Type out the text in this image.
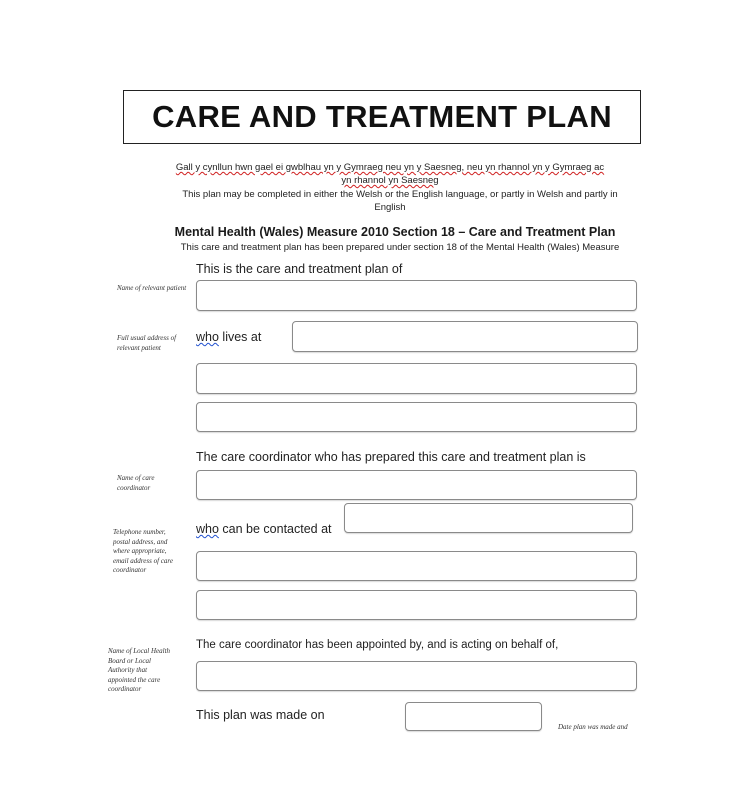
CARE AND TREATMENT PLAN
Gall y cynllun hwn gael ei gwblhau yn y Gymraeg neu yn y Saesneg, neu yn rhannol yn y Gymraeg ac
yn rhannol yn Saesneg
This plan may be completed in either the Welsh or the English language, or partly in Welsh and partly in
English
Mental Health (Wales) Measure 2010 Section 18 – Care and Treatment Plan
This care and treatment plan has been prepared under section 18 of the Mental Health (Wales) Measure
This is the care and treatment plan of
Name of relevant patient
who lives at
Full usual address of relevant patient
The care coordinator who has prepared this care and treatment plan is
Name of care coordinator
who can be contacted at
Telephone number, postal address, and where appropriate, email address of care coordinator
The care coordinator has been appointed by, and is acting on behalf of,
Name of Local Health Board or Local Authority that appointed the care coordinator
This plan was made on
Date plan was made and
